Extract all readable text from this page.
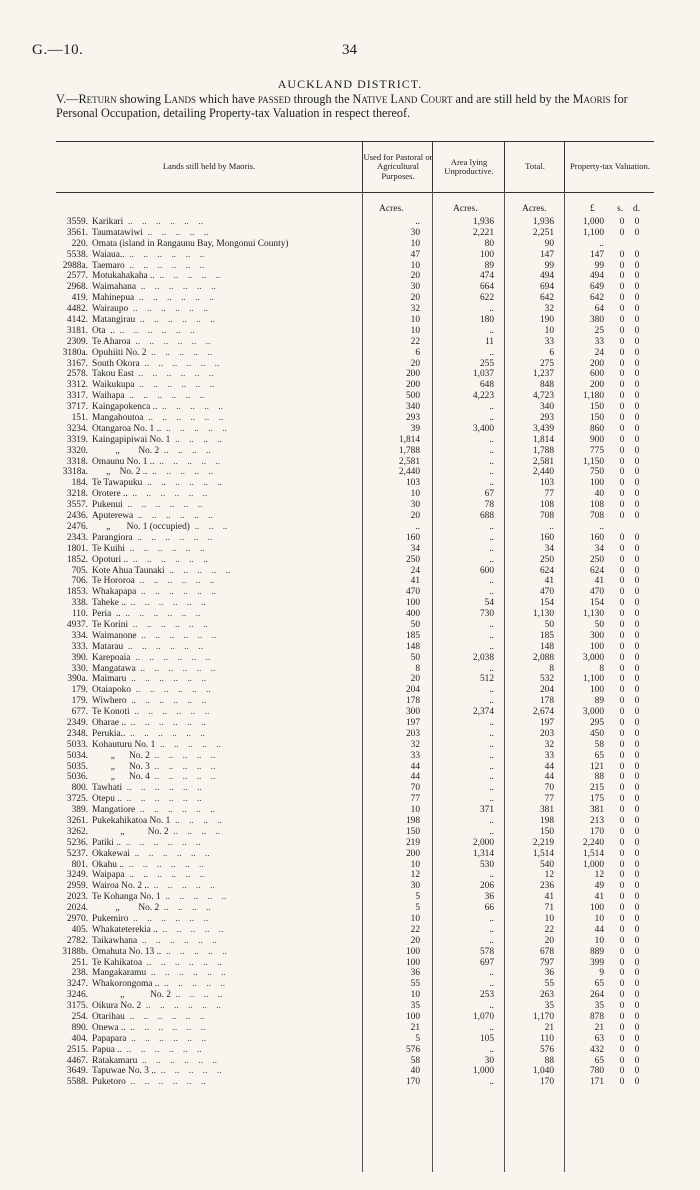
G.—10.	34
AUCKLAND DISTRICT.
V.—Return showing Lands which have passed through the Native Land Court and are still held by the Maoris for Personal Occupation, detailing Property-tax Valuation in respect thereof.
Lands still held by Maoris.
Used for Pastoral or Agricultural Purposes.
Area lying Unproductive.	Total.	Property-tax Valuation.
Acres.	Acres.	Acres.	£ s. d.
3559. Karikari  ..    ..    ..    ..    ..    ..	..	1,936	1,936	1,000	0	0
3561. Taumatawiwi  ..    ..    ..    ..    ..	30	2,221	2,251	1,100	0	0
220. Omata (island in Rangaunu Bay, Mongonui County)	10	80	90	..
5538. Waiaua..  ..    ..    ..    ..    ..    ..	47	100	147	147	0	0
2988a. Taemaro  ..    ..    ..    ..    ..    ..	10	89	99	99	0	0
2577. Motukahakaha ..  ..    ..    ..    ..    ..	20	474	494	494	0	0
2968. Waimahana  ..    ..    ..    ..    ..    ..	30	664	694	649	0	0
419. Mahinepua  ..    ..    ..    ..    ..    ..	20	622	642	642	0	0
4482. Wairaupo  ..    ..    ..    ..    ..    ..	32	..	32	64	0	0
4142. Matangirau  ..    ..    ..    ..    ..    ..	10	180	190	380	0	0
3181. Ota  ..  ..    ..    ..    ..    ..    ..	10	..	10	25	0	0
2309. Te Aharoa  ..    ..    ..    ..    ..    ..	22	11	33	33	0	0
3180a. Opuhiiti No. 2  ..    ..    ..    ..    ..	6	..	6	24	0	0
3167. South Okora  ..    ..    ..    ..    ..    ..	20	255	275	200	0	0
2578. Takou East  ..    ..    ..    ..    ..    ..	200	1,037	1,237	600	0	0
3312. Waikukupa  ..    ..    ..    ..    ..    ..	200	648	848	200	0	0
3317. Waihapa  ..    ..    ..    ..    ..    ..	500	4,223	4,723	1,180	0	0
3717. Kaingapokenca ..  ..    ..    ..    ..    ..	340	..	340	150	0	0
151. Mangahoutoa  ..    ..    ..    ..    ..    ..	293	..	293	150	0	0
3234. Otangaroa No. 1 ..  ..    ..    ..    ..    ..	39	3,400	3,439	860	0	0
3319. Kaingapipiwai No. 1  ..    ..    ..    ..	1,814	..	1,814	900	0	0
3320. „        No. 2  ..    ..    ..    ..	1,788	..	1,788	775	0	0
3318. Omaunu No. 1 ..  ..    ..    ..    ..    ..	2,581	..	2,581	1,150	0	0
3318a. „    No. 2 ..  ..    ..    ..    ..    ..	2,440	..	2,440	750	0	0
184. Te Tawapuku  ..    ..    ..    ..    ..    ..	103	..	103	100	0	0
3218. Orotere ..  ..    ..    ..    ..    ..    ..	10	67	77	40	0	0
3557. Pukenui  ..    ..    ..    ..    ..    ..	30	78	108	108	0	0
2436. Aputerewa  ..    ..    ..    ..    ..    ..	20	688	708	708	0	0
2476. „       No. 1 (occupied)  ..    ..    ..	..	..	..	..
2343. Parangiora  ..    ..    ..    ..    ..    ..	160	..	160	160	0	0
1801. Te Kuihi  ..    ..    ..    ..    ..    ..	34	..	34	34	0	0
1852. Opoturi ..  ..    ..    ..    ..    ..    ..	250	..	250	250	0	0
705. Kote Ahua Taunaki  ..    ..    ..    ..    ..	24	600	624	624	0	0
706. Te Hororoa  ..    ..    ..    ..    ..    ..	41	..	41	41	0	0
1853. Whakapapa  ..    ..    ..    ..    ..    ..	470	..	470	470	0	0
338. Taheke ..  ..    ..    ..    ..    ..    ..	100	54	154	154	0	0
110. Peria  ..  ..    ..    ..    ..    ..    ..	400	730	1,130	1,130	0	0
4937. Te Korini  ..    ..    ..    ..    ..    ..	50	..	50	50	0	0
334. Waimanone  ..    ..    ..    ..    ..    ..	185	..	185	300	0	0
333. Matarau  ..    ..    ..    ..    ..    ..	148	..	148	100	0	0
390. Karepoaia  ..    ..    ..    ..    ..    ..	50	2,038	2,088	3,000	0	0
330. Mangatawa  ..    ..    ..    ..    ..    ..	8	..	8	8	0	0
390a. Maimaru  ..    ..    ..    ..    ..    ..	20	512	532	1,100	0	0
179. Otaiapoko  ..    ..    ..    ..    ..    ..	204	..	204	100	0	0
179. Wiwhero  ..    ..    ..    ..    ..    ..	178	..	178	89	0	0
677. Te Konoti  ..    ..    ..    ..    ..    ..	300	2,374	2,674	3,000	0	0
2349. Oharae ..  ..    ..    ..    ..    ..    ..	197	..	197	295	0	0
2348. Perukia..  ..    ..    ..    ..    ..    ..	203	..	203	450	0	0
5033. Kohauturu No. 1  ..    ..    ..    ..    ..	32	..	32	58	0	0
5034. „      No. 2  ..    ..    ..    ..    ..	33	..	33	65	0	0
5035. „      No. 3  ..    ..    ..    ..    ..	44	..	44	121	0	0
5036. „      No. 4  ..    ..    ..    ..    ..	44	..	44	88	0	0
800. Tawhati  ..    ..    ..    ..    ..    ..	70	..	70	215	0	0
3725. Otepu ..  ..    ..    ..    ..    ..    ..	77	..	77	175	0	0
389. Mangatiore  ..    ..    ..    ..    ..    ..	10	371	381	381	0	0
3261. Pukekahikatoa No. 1  ..    ..    ..    ..	198	..	198	213	0	0
3262. „          No. 2  ..    ..    ..    ..	150	..	150	170	0	0
5236. Patiki ..  ..    ..    ..    ..    ..    ..	219	2,000	2,219	2,240	0	0
5237. Okakewai  ..    ..    ..    ..    ..    ..	200	1,314	1,514	1,514	0	0
801. Okahu ..  ..    ..    ..    ..    ..    ..	10	530	540	1,000	0	0
3249. Waipapa  ..    ..    ..    ..    ..    ..	12	..	12	12	0	0
2959. Wairoa No. 2 ..  ..    ..    ..    ..    ..	30	206	236	49	0	0
2023. Te Kohanga No. 1  ..    ..    ..    ..    ..	5	36	41	41	0	0
2024. „        No. 2  ..    ..    ..    ..	5	66	71	100	0	0
2970. Pukemiro  ..    ..    ..    ..    ..    ..	10	..	10	10	0	0
405. Whakateterekia ..  ..    ..    ..    ..    ..	22	..	22	44	0	0
2782. Taikawhana  ..    ..    ..    ..    ..    ..	20	..	20	10	0	0
3188b. Omahuta No. 13 ..  ..    ..    ..    ..    ..	100	578	678	889	0	0
251. Te Kahikatoa  ..    ..    ..    ..    ..    ..	100	697	797	399	0	0
238. Mangakaramu  ..    ..    ..    ..    ..    ..	36	..	36	9	0	0
3247. Whakorongoma ..  ..    ..    ..    ..    ..	55	..	55	65	0	0
3246. „           No. 2  ..    ..    ..    ..	10	253	263	264	0	0
3175. Oikura No. 2  ..    ..    ..    ..    ..    ..	35	..	35	35	0	0
254. Otarihau  ..    ..    ..    ..    ..    ..	100	1,070	1,170	878	0	0
890. Onewa ..  ..    ..    ..    ..    ..    ..	21	..	21	21	0	0
404. Papapara  ..    ..    ..    ..    ..    ..	5	105	110	63	0	0
2515. Papua ..  ..    ..    ..    ..    ..    ..	576	..	576	432	0	0
4467. Ratakamaru  ..    ..    ..    ..    ..    ..	58	30	88	65	0	0
3649. Tapuwae No. 3 ..  ..    ..    ..    ..    ..	40	1,000	1,040	780	0	0
5588. Puketoro  ..    ..    ..    ..    ..    ..	170	..	170	171	0	0
